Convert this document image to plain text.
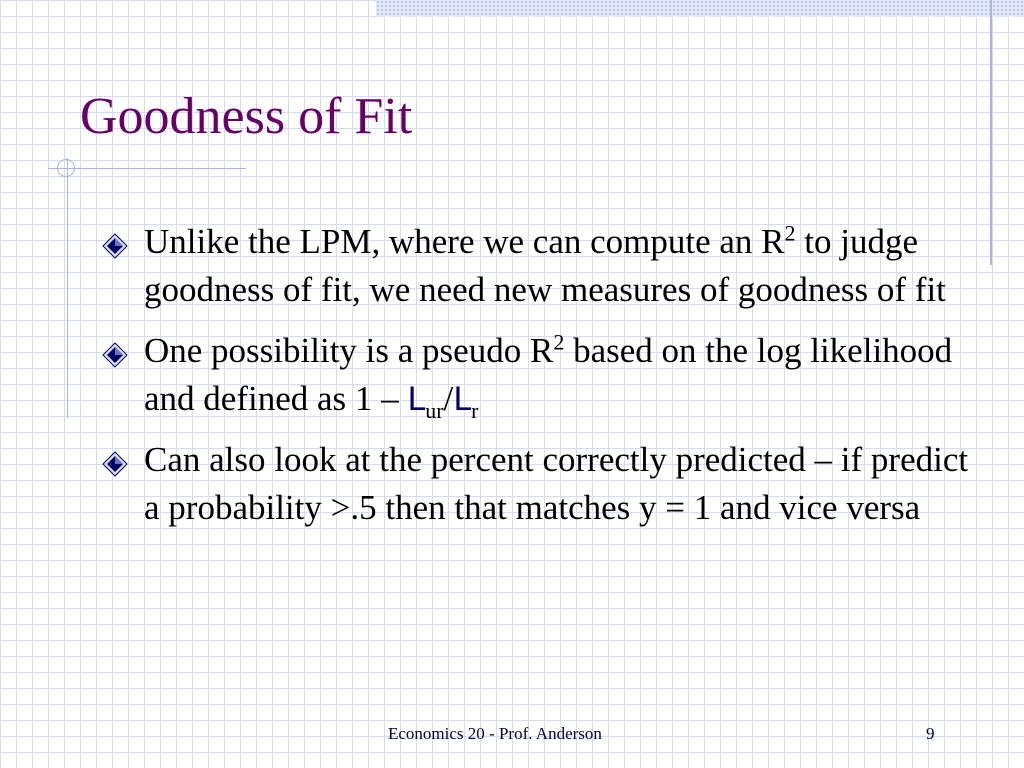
Goodness of Fit
Unlike the LPM, where we can compute an $R^2$ to judge goodness of fit, we need new measures of goodness of fit
One possibility is a pseudo $R^2$ based on the log likelihood and defined as $1 - L_{ur}/L_r$
Can also look at the percent correctly predicted – if predict a probability >.5 then that matches y = 1 and vice versa
Economics 20 - Prof. Anderson	9
